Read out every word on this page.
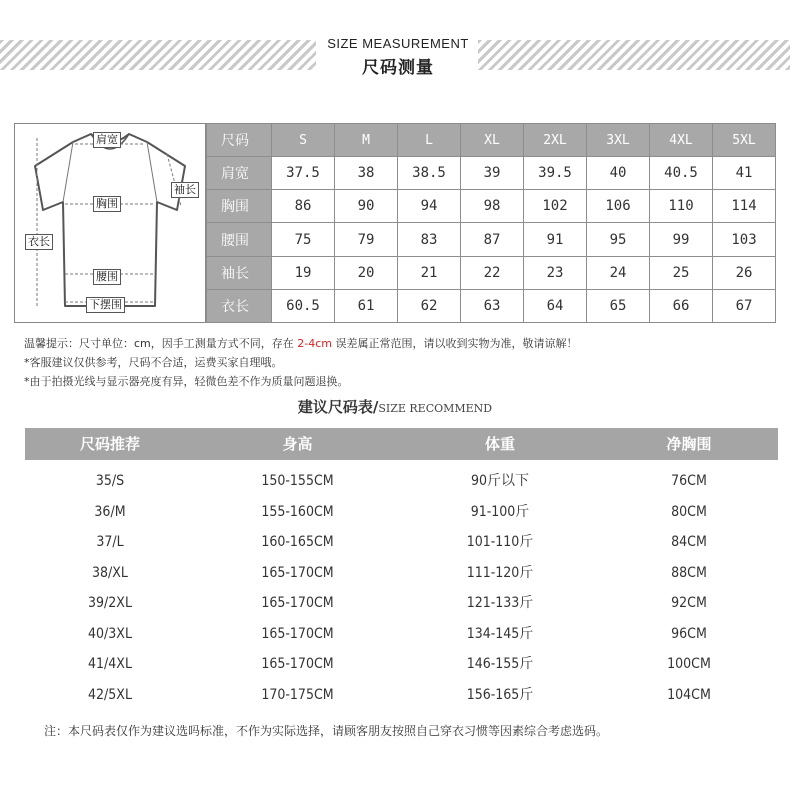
SIZE MEASUREMENT
尺码测量
肩宽
袖长
胸围
衣长
腰围
下摆围
尺码	S	M	L	XL	2XL	3XL	4XL	5XL
肩宽	37.5	38	38.5	39	39.5	40	40.5	41
胸围	86	90	94	98	102	106	110	114
腰围	75	79	83	87	91	95	99	103
袖长	19	20	21	22	23	24	25	26
衣长	60.5	61	62	63	64	65	66	67
温馨提示：尺寸单位：cm，因手工测量方式不同，存在 2-4cm 误差属正常范围，请以收到实物为准，敬请谅解！
*客服建议仅供参考，尺码不合适，运费买家自理哦。
*由于拍摄光线与显示器亮度有异，轻微色差不作为质量问题退换。
建议尺码表/SIZE RECOMMEND
尺码推荐	身高	体重	净胸围
35/S	150-155CM	90斤以下	76CM
36/M	155-160CM	91-100斤	80CM
37/L	160-165CM	101-110斤	84CM
38/XL	165-170CM	111-120斤	88CM
39/2XL	165-170CM	121-133斤	92CM
40/3XL	165-170CM	134-145斤	96CM
41/4XL	165-170CM	146-155斤	100CM
42/5XL	170-175CM	156-165斤	104CM
注：本尺码表仅作为建议选吗标准，不作为实际选择，请顾客朋友按照自己穿衣习惯等因素综合考虑选码。
